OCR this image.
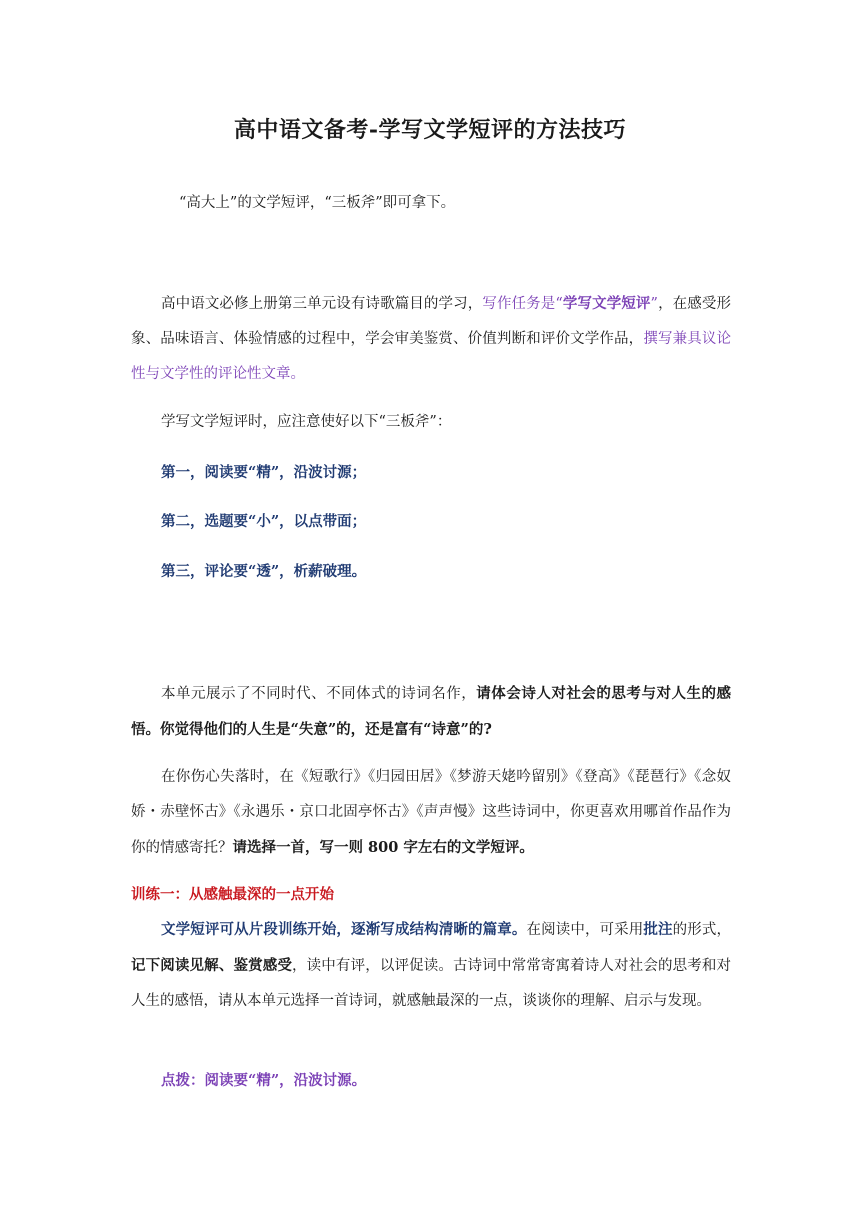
高中语文备考-学写文学短评的方法技巧

“高大上”的文学短评，“三板斧”即可拿下。

高中语文必修上册第三单元设有诗歌篇目的学习，写作任务是“学写文学短评”，在感受形象、品味语言、体验情感的过程中，学会审美鉴赏、价值判断和评价文学作品，撰写兼具议论性与文学性的评论性文章。

学写文学短评时，应注意使好以下“三板斧”：

第一，阅读要“精”，沿波讨源；

第二，选题要“小”，以点带面；

第三，评论要“透”，析薪破理。

本单元展示了不同时代、不同体式的诗词名作，请体会诗人对社会的思考与对人生的感悟。你觉得他们的人生是“失意”的，还是富有“诗意”的?

在你伤心失落时，在《短歌行》《归园田居》《梦游天姥吟留别》《登高》《琵琶行》《念奴娇・赤壁怀古》《永遇乐・京口北固亭怀古》《声声慢》这些诗词中，你更喜欢用哪首作品作为你的情感寄托？请选择一首，写一则 800 字左右的文学短评。

训练一：从感触最深的一点开始

文学短评可从片段训练开始，逐渐写成结构清晰的篇章。在阅读中，可采用批注的形式，记下阅读见解、鉴赏感受，读中有评，以评促读。古诗词中常常寄寓着诗人对社会的思考和对人生的感悟，请从本单元选择一首诗词，就感触最深的一点，谈谈你的理解、启示与发现。

点拨：阅读要“精”，沿波讨源。
